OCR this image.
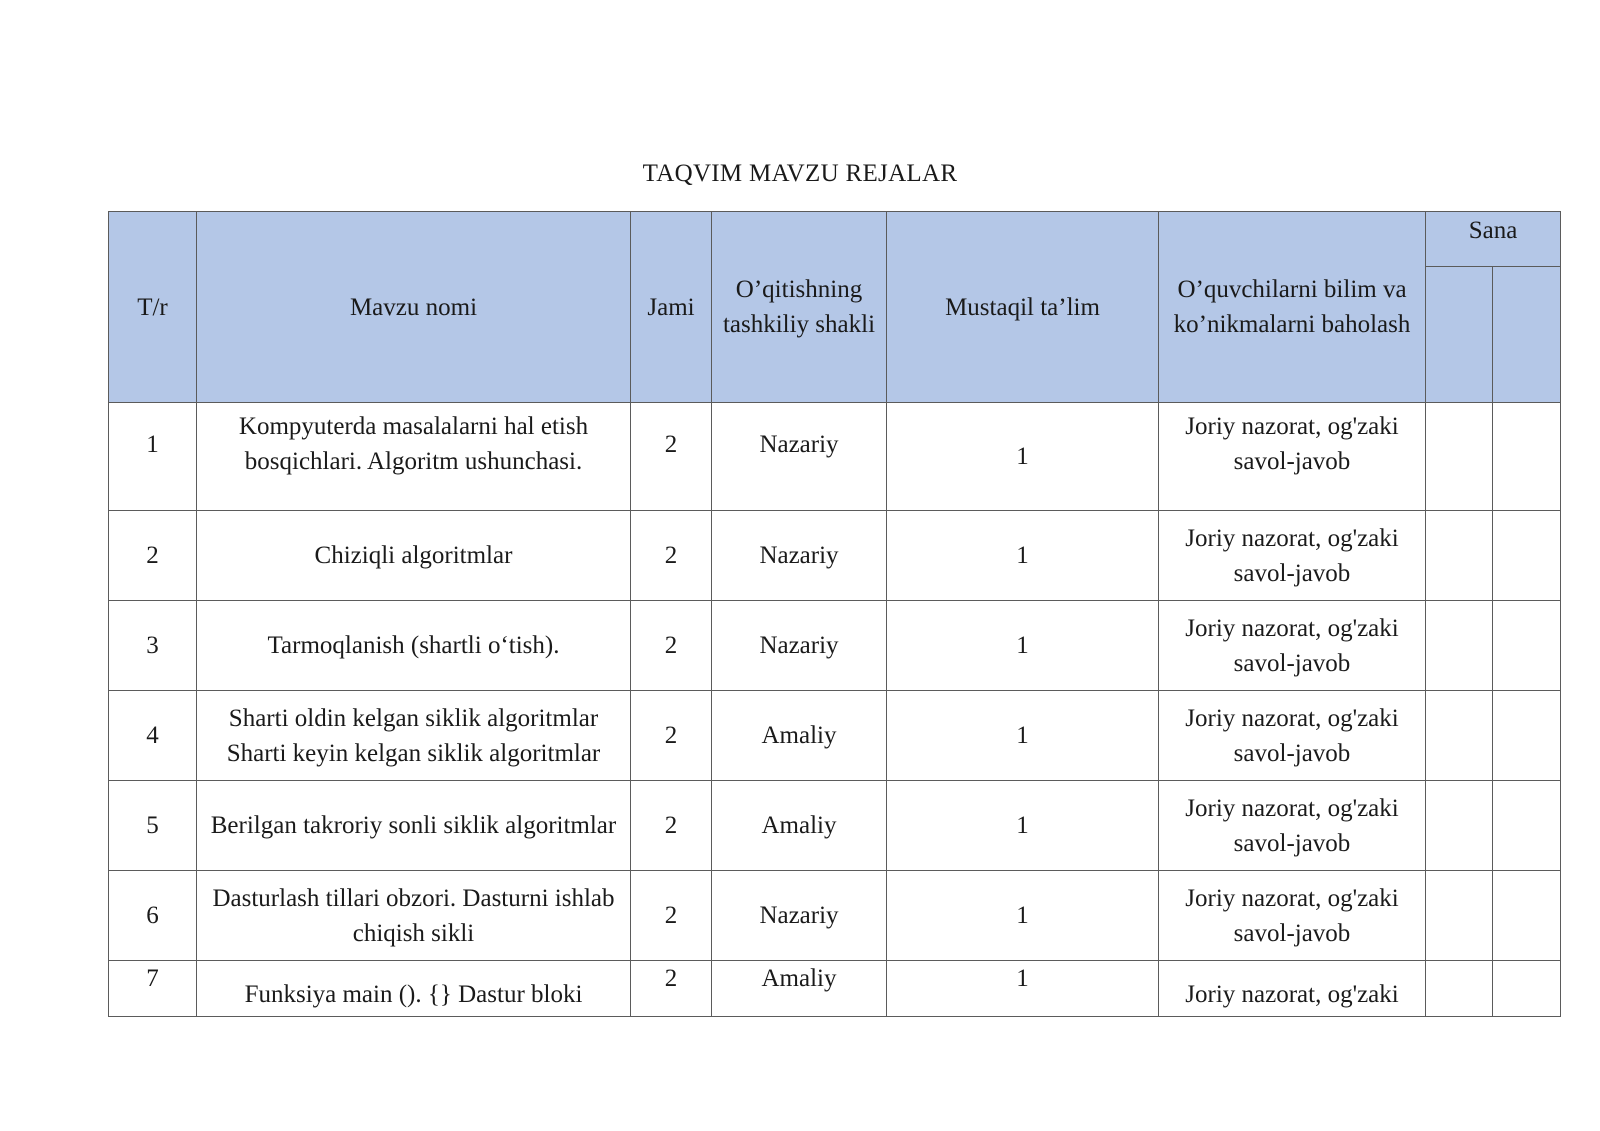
TAQVIM MAVZU REJALAR
T/r	Mavzu nomi	Jami	O’qitishning tashkiliy shakli	Mustaqil ta’lim	O’quvchilarni bilim va ko’nikmalarni baholash	Sana	

1	Kompyuterda masalalarni hal etish bosqichlari. Algoritm ushunchasi.	2	Nazariy	1	Joriy nazorat, og'zaki savol-javob		
2	Chiziqli algoritmlar	2	Nazariy	1	Joriy nazorat, og'zaki savol-javob		
3	Tarmoqlanish (shartli o‘tish).	2	Nazariy	1	Joriy nazorat, og'zaki savol-javob		
4	Sharti oldin kelgan siklik algoritmlar Sharti keyin kelgan siklik algoritmlar	2	Amaliy	1	Joriy nazorat, og'zaki savol-javob		
5	Berilgan takroriy sonli siklik algoritmlar	2	Amaliy	1	Joriy nazorat, og'zaki savol-javob		
6	Dasturlash tillari obzori. Dasturni ishlab chiqish sikli	2	Nazariy	1	Joriy nazorat, og'zaki savol-javob		
7	Funksiya main (). {} Dastur bloki	2	Amaliy	1	Joriy nazorat, og'zaki		
